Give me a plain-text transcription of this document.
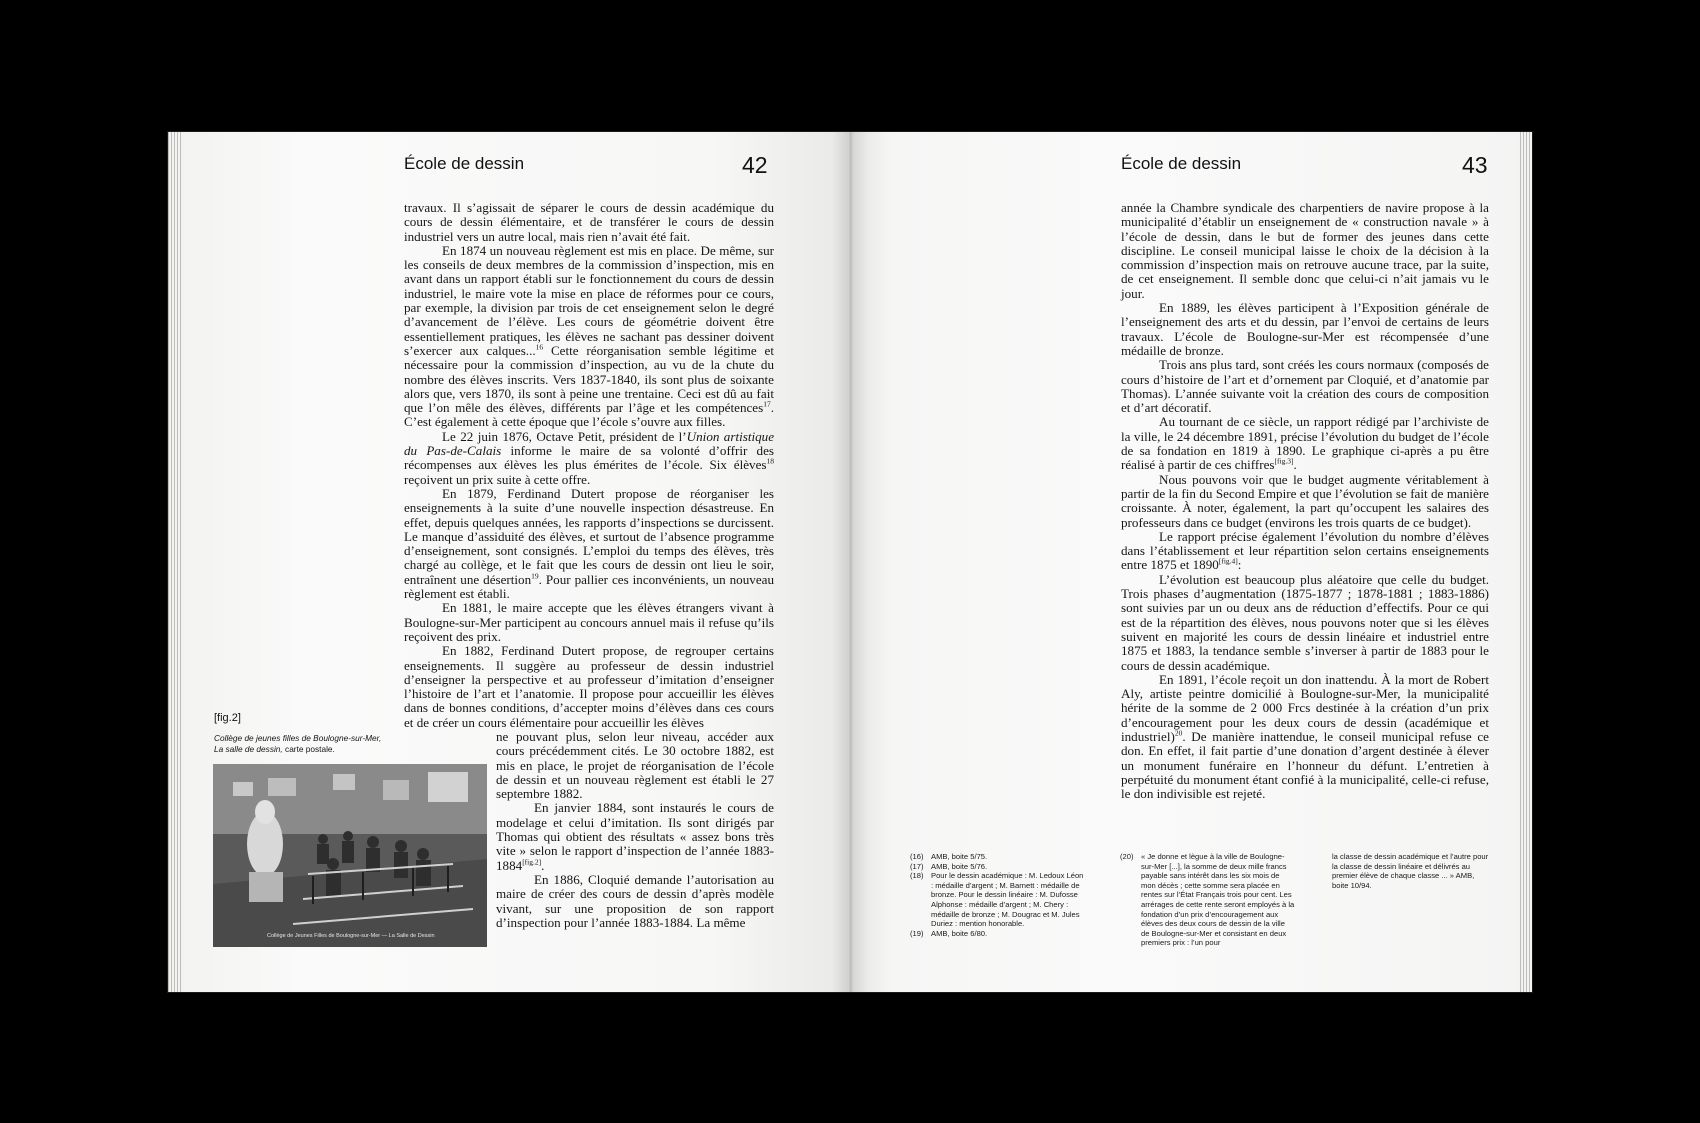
École de dessin	42

travaux. Il s’agissait de séparer le cours de dessin académique du cours de dessin élémentaire, et de transférer le cours de dessin industriel vers un autre local, mais rien n’avait été fait.

En 1874 un nouveau règlement est mis en place. De même, sur les conseils de deux membres de la commission d’inspection, mis en avant dans un rapport établi sur le fonctionnement du cours de dessin industriel, le maire vote la mise en place de réformes pour ce cours, par exemple, la division par trois de cet enseignement selon le degré d’avancement de l’élève. Les cours de géométrie doivent être essentiellement pratiques, les élèves ne sachant pas dessiner doivent s’exercer aux calques...$^{16}$ Cette réorganisation semble légitime et nécessaire pour la commission d’inspection, au vu de la chute du nombre des élèves inscrits. Vers 1837-1840, ils sont plus de soixante alors que, vers 1870, ils sont à peine une trentaine. Ceci est dû au fait que l’on mêle des élèves, différents par l’âge et les compétences$^{17}$. C’est également à cette époque que l’école s’ouvre aux filles.

Le 22 juin 1876, Octave Petit, président de l’Union artistique du Pas-de-Calais informe le maire de sa volonté d’offrir des récompenses aux élèves les plus émérites de l’école. Six élèves$^{18}$ reçoivent un prix suite à cette offre.

En 1879, Ferdinand Dutert propose de réorganiser les enseignements à la suite d’une nouvelle inspection désastreuse. En effet, depuis quelques années, les rapports d’inspections se durcissent. Le manque d’assiduité des élèves, et surtout de l’absence programme d’enseignement, sont consignés. L’emploi du temps des élèves, très chargé au collège, et le fait que les cours de dessin ont lieu le soir, entraînent une désertion$^{19}$. Pour pallier ces inconvénients, un nouveau règlement est établi.

En 1881, le maire accepte que les élèves étrangers vivant à Boulogne-sur-Mer participent au concours annuel mais il refuse qu’ils reçoivent des prix.

En 1882, Ferdinand Dutert propose, de regrouper certains enseignements. Il suggère au professeur de dessin industriel d’enseigner la perspective et au professeur d’imitation d’enseigner l’histoire de l’art et l’anatomie. Il propose pour accueillir les élèves dans de bonnes conditions, d’accepter moins d’élèves dans ces cours et de créer un cours élémentaire pour accueillir les élèves

ne pouvant plus, selon leur niveau, accéder aux cours précédemment cités. Le 30 octobre 1882, est mis en place, le projet de réorganisation de l’école de dessin et un nouveau règlement est établi le 27 septembre 1882.

En janvier 1884, sont instaurés le cours de modelage et celui d’imitation. Ils sont dirigés par Thomas qui obtient des résultats « assez bons très vite » selon le rapport d’inspection de l’année 1883-1884[fig.2].

En 1886, Cloquié demande l’autorisation au maire de créer des cours de dessin d’après modèle vivant, sur une proposition de son rapport d’inspection pour l’année 1883-1884. La même

[fig.2]
Collège de jeunes filles de Boulogne-sur-Mer, La salle de dessin, carte postale.
Collège de Jeunes Filles de Boulogne-sur-Mer — La Salle de Dessin
École de dessin	43

année la Chambre syndicale des charpentiers de navire propose à la municipalité d’établir un enseignement de « construction navale » à l’école de dessin, dans le but de former des jeunes dans cette discipline. Le conseil municipal laisse le choix de la décision à la commission d’inspection mais on retrouve aucune trace, par la suite, de cet enseignement. Il semble donc que celui-ci n’ait jamais vu le jour.

En 1889, les élèves participent à l’Exposition générale de l’enseignement des arts et du dessin, par l’envoi de certains de leurs travaux. L’école de Boulogne-sur-Mer est récompensée d’une médaille de bronze.

Trois ans plus tard, sont créés les cours normaux (composés de cours d’histoire de l’art et d’ornement par Cloquié, et d’anatomie par Thomas). L’année suivante voit la création des cours de composition et d’art décoratif.

Au tournant de ce siècle, un rapport rédigé par l’archiviste de la ville, le 24 décembre 1891, précise l’évolution du budget de l’école de sa fondation en 1819 à 1890. Le graphique ci-après a pu être réalisé à partir de ces chiffres[fig.3].

Nous pouvons voir que le budget augmente véritablement à partir de la fin du Second Empire et que l’évolution se fait de manière croissante. À noter, également, la part qu’occupent les salaires des professeurs dans ce budget (environs les trois quarts de ce budget).

Le rapport précise également l’évolution du nombre d’élèves dans l’établissement et leur répartition selon certains enseignements entre 1875 et 1890[fig.4]:

L’évolution est beaucoup plus aléatoire que celle du budget. Trois phases d’augmentation (1875-1877 ; 1878-1881 ; 1883-1886) sont suivies par un ou deux ans de réduction d’effectifs. Pour ce qui est de la répartition des élèves, nous pouvons noter que si les élèves suivent en majorité les cours de dessin linéaire et industriel entre 1875 et 1883, la tendance semble s’inverser à partir de 1883 pour le cours de dessin académique.

En 1891, l’école reçoit un don inattendu. À la mort de Robert Aly, artiste peintre domicilié à Boulogne-sur-Mer, la municipalité hérite de la somme de 2 000 Frcs destinée à la création d’un prix d’encouragement pour les deux cours de dessin (académique et industriel)$^{20}$. De manière inattendue, le conseil municipal refuse ce don. En effet, il fait partie d’une donation d’argent destinée à élever un monument funéraire en l’honneur du défunt. L’entretien à perpétuité du monument étant confié à la municipalité, celle-ci refuse, le don indivisible est rejeté.

(16) AMB, boite 5/75.
(17) AMB, boite 5/76.
(18) Pour le dessin académique : M. Ledoux Léon : médaille d’argent ; M. Barnett : médaille de bronze. Pour le dessin linéaire : M. Dufosse Alphonse : médaille d’argent ; M. Chery : médaille de bronze ; M. Dougrac et M. Jules Duriez : mention honorable.
(19) AMB, boite 6/80.
(20) « Je donne et lègue à la ville de Boulogne-sur-Mer [...], la somme de deux mille francs payable sans intérêt dans les six mois de mon décès ; cette somme sera placée en rentes sur l’État Français trois pour cent. Les arrérages de cette rente seront employés à la fondation d’un prix d’encouragement aux élèves des deux cours de dessin de la ville de Boulogne-sur-Mer et consistant en deux premiers prix : l’un pour
la classe de dessin académique et l’autre pour la classe de dessin linéaire et délivrés au premier élève de chaque classe ... » AMB, boite 10/94.
